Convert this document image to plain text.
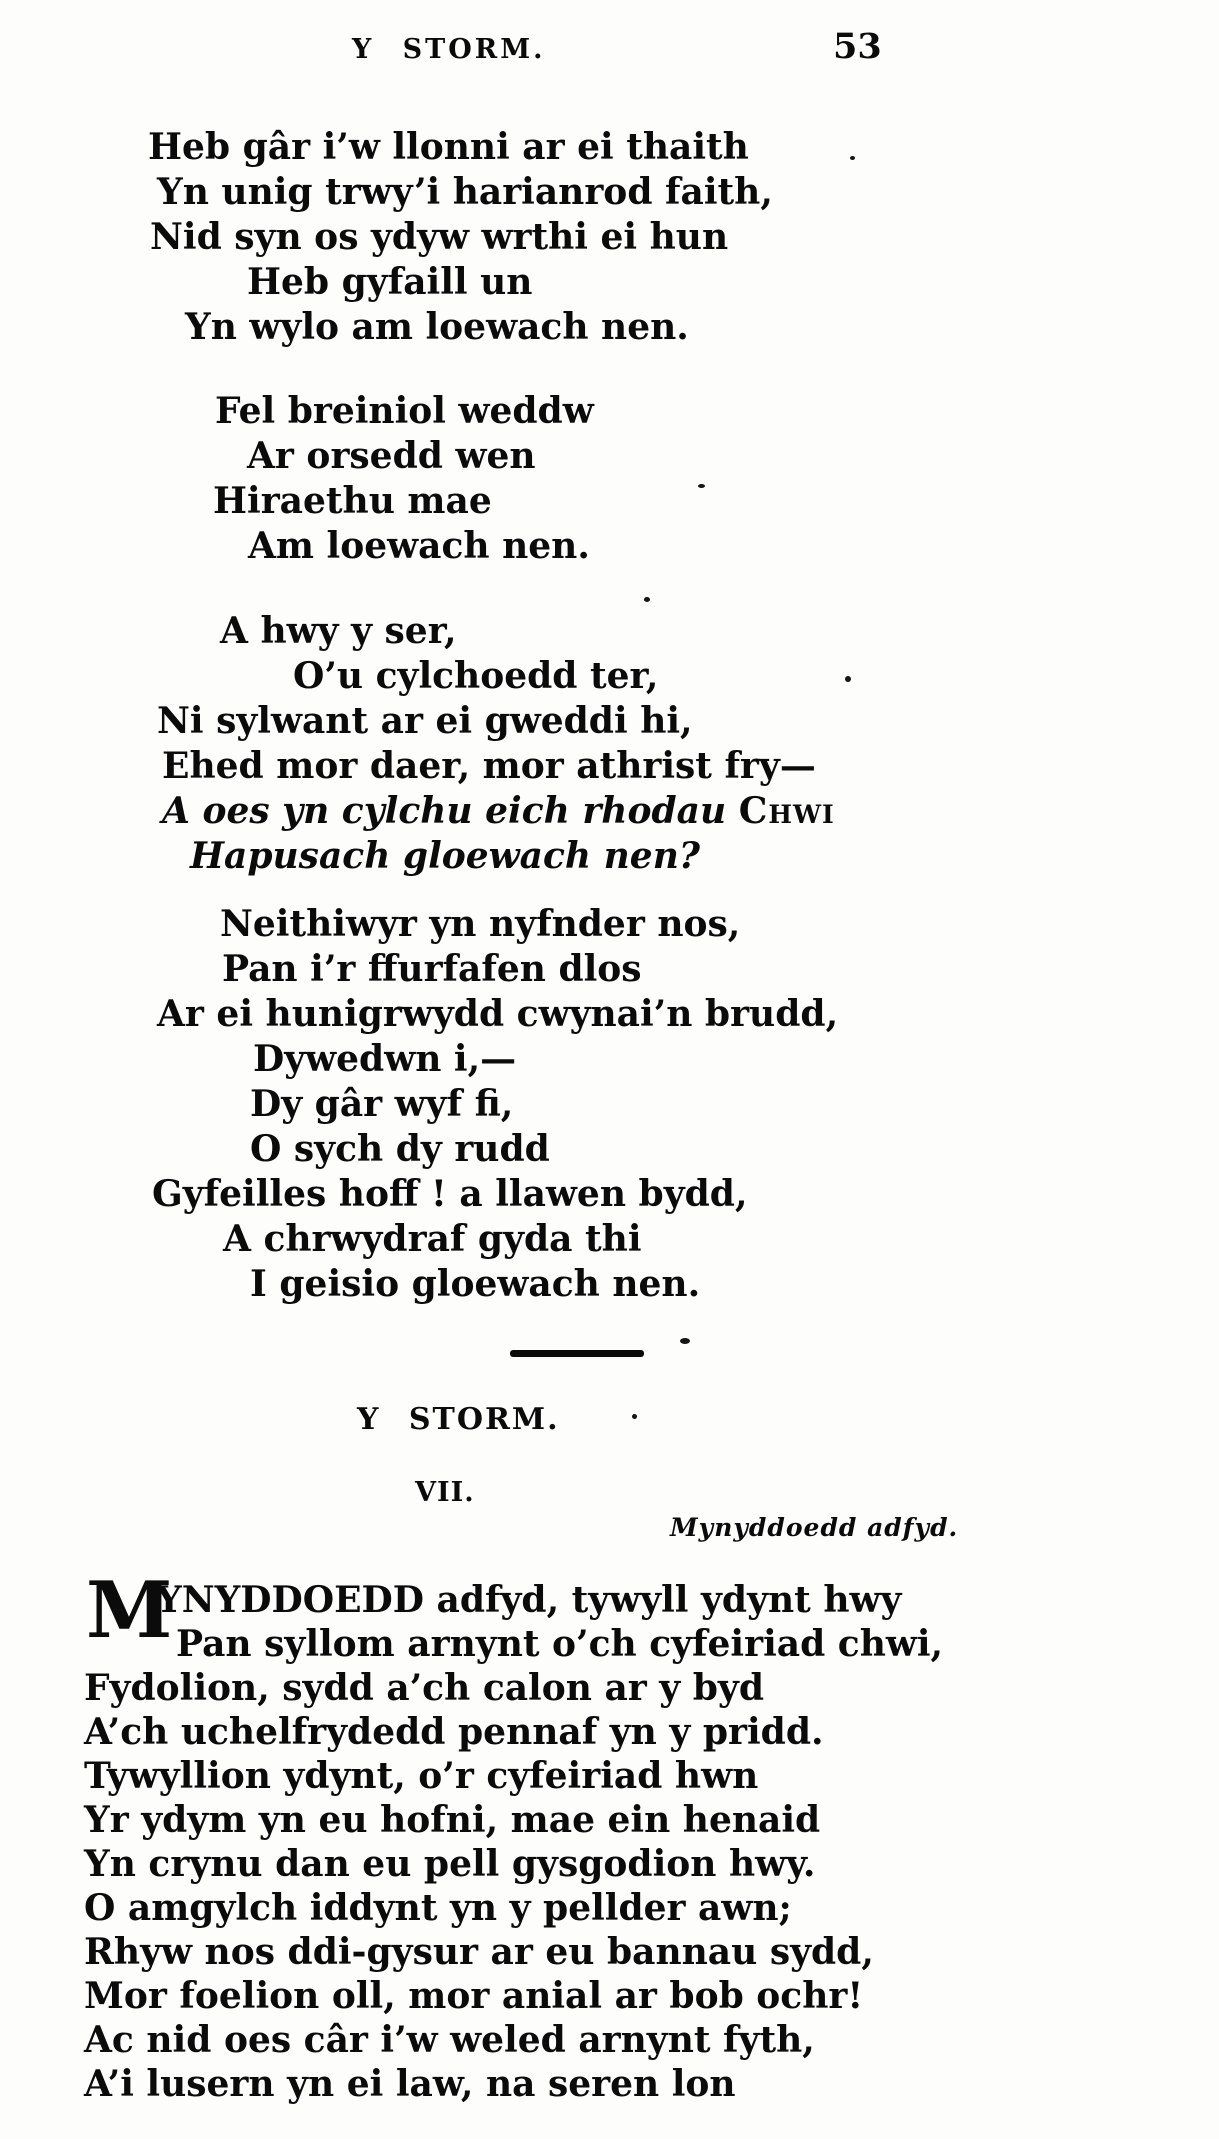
Y STORM.	53
Heb gâr i’w llonni ar ei thaith
Yn unig trwy’i harianrod faith,
Nid syn os ydyw wrthi ei hun
Heb gyfaill un
Yn wylo am loewach nen.
Fel breiniol weddw
Ar orsedd wen
Hiraethu mae
Am loewach nen.
A hwy y ser,
O’u cylchoedd ter,
Ni sylwant ar ei gweddi hi,
Ehed mor daer, mor athrist fry—
A oes yn cylchu eich rhodau Chwi
Hapusach gloewach nen?
Neithiwyr yn nyfnder nos,
Pan i’r ffurfafen dlos
Ar ei hunigrwydd cwynai’n brudd,
Dywedwn i,—
Dy gâr wyf fi,
O sych dy rudd
Gyfeilles hoff ! a llawen bydd,
A chrwydraf gyda thi
I geisio gloewach nen.
Y STORM.
VII.
Mynyddoedd adfyd.
M
YNYDDOEDD adfyd, tywyll ydynt hwy
Pan syllom arnynt o’ch cyfeiriad chwi,
Fydolion, sydd a’ch calon ar y byd
A’ch uchelfrydedd pennaf yn y pridd.
Tywyllion ydynt, o’r cyfeiriad hwn
Yr ydym yn eu hofni, mae ein henaid
Yn crynu dan eu pell gysgodion hwy.
O amgylch iddynt yn y pellder awn;
Rhyw nos ddi-gysur ar eu bannau sydd,
Mor foelion oll, mor anial ar bob ochr!
Ac nid oes câr i’w weled arnynt fyth,
A’i lusern yn ei law, na seren lon
